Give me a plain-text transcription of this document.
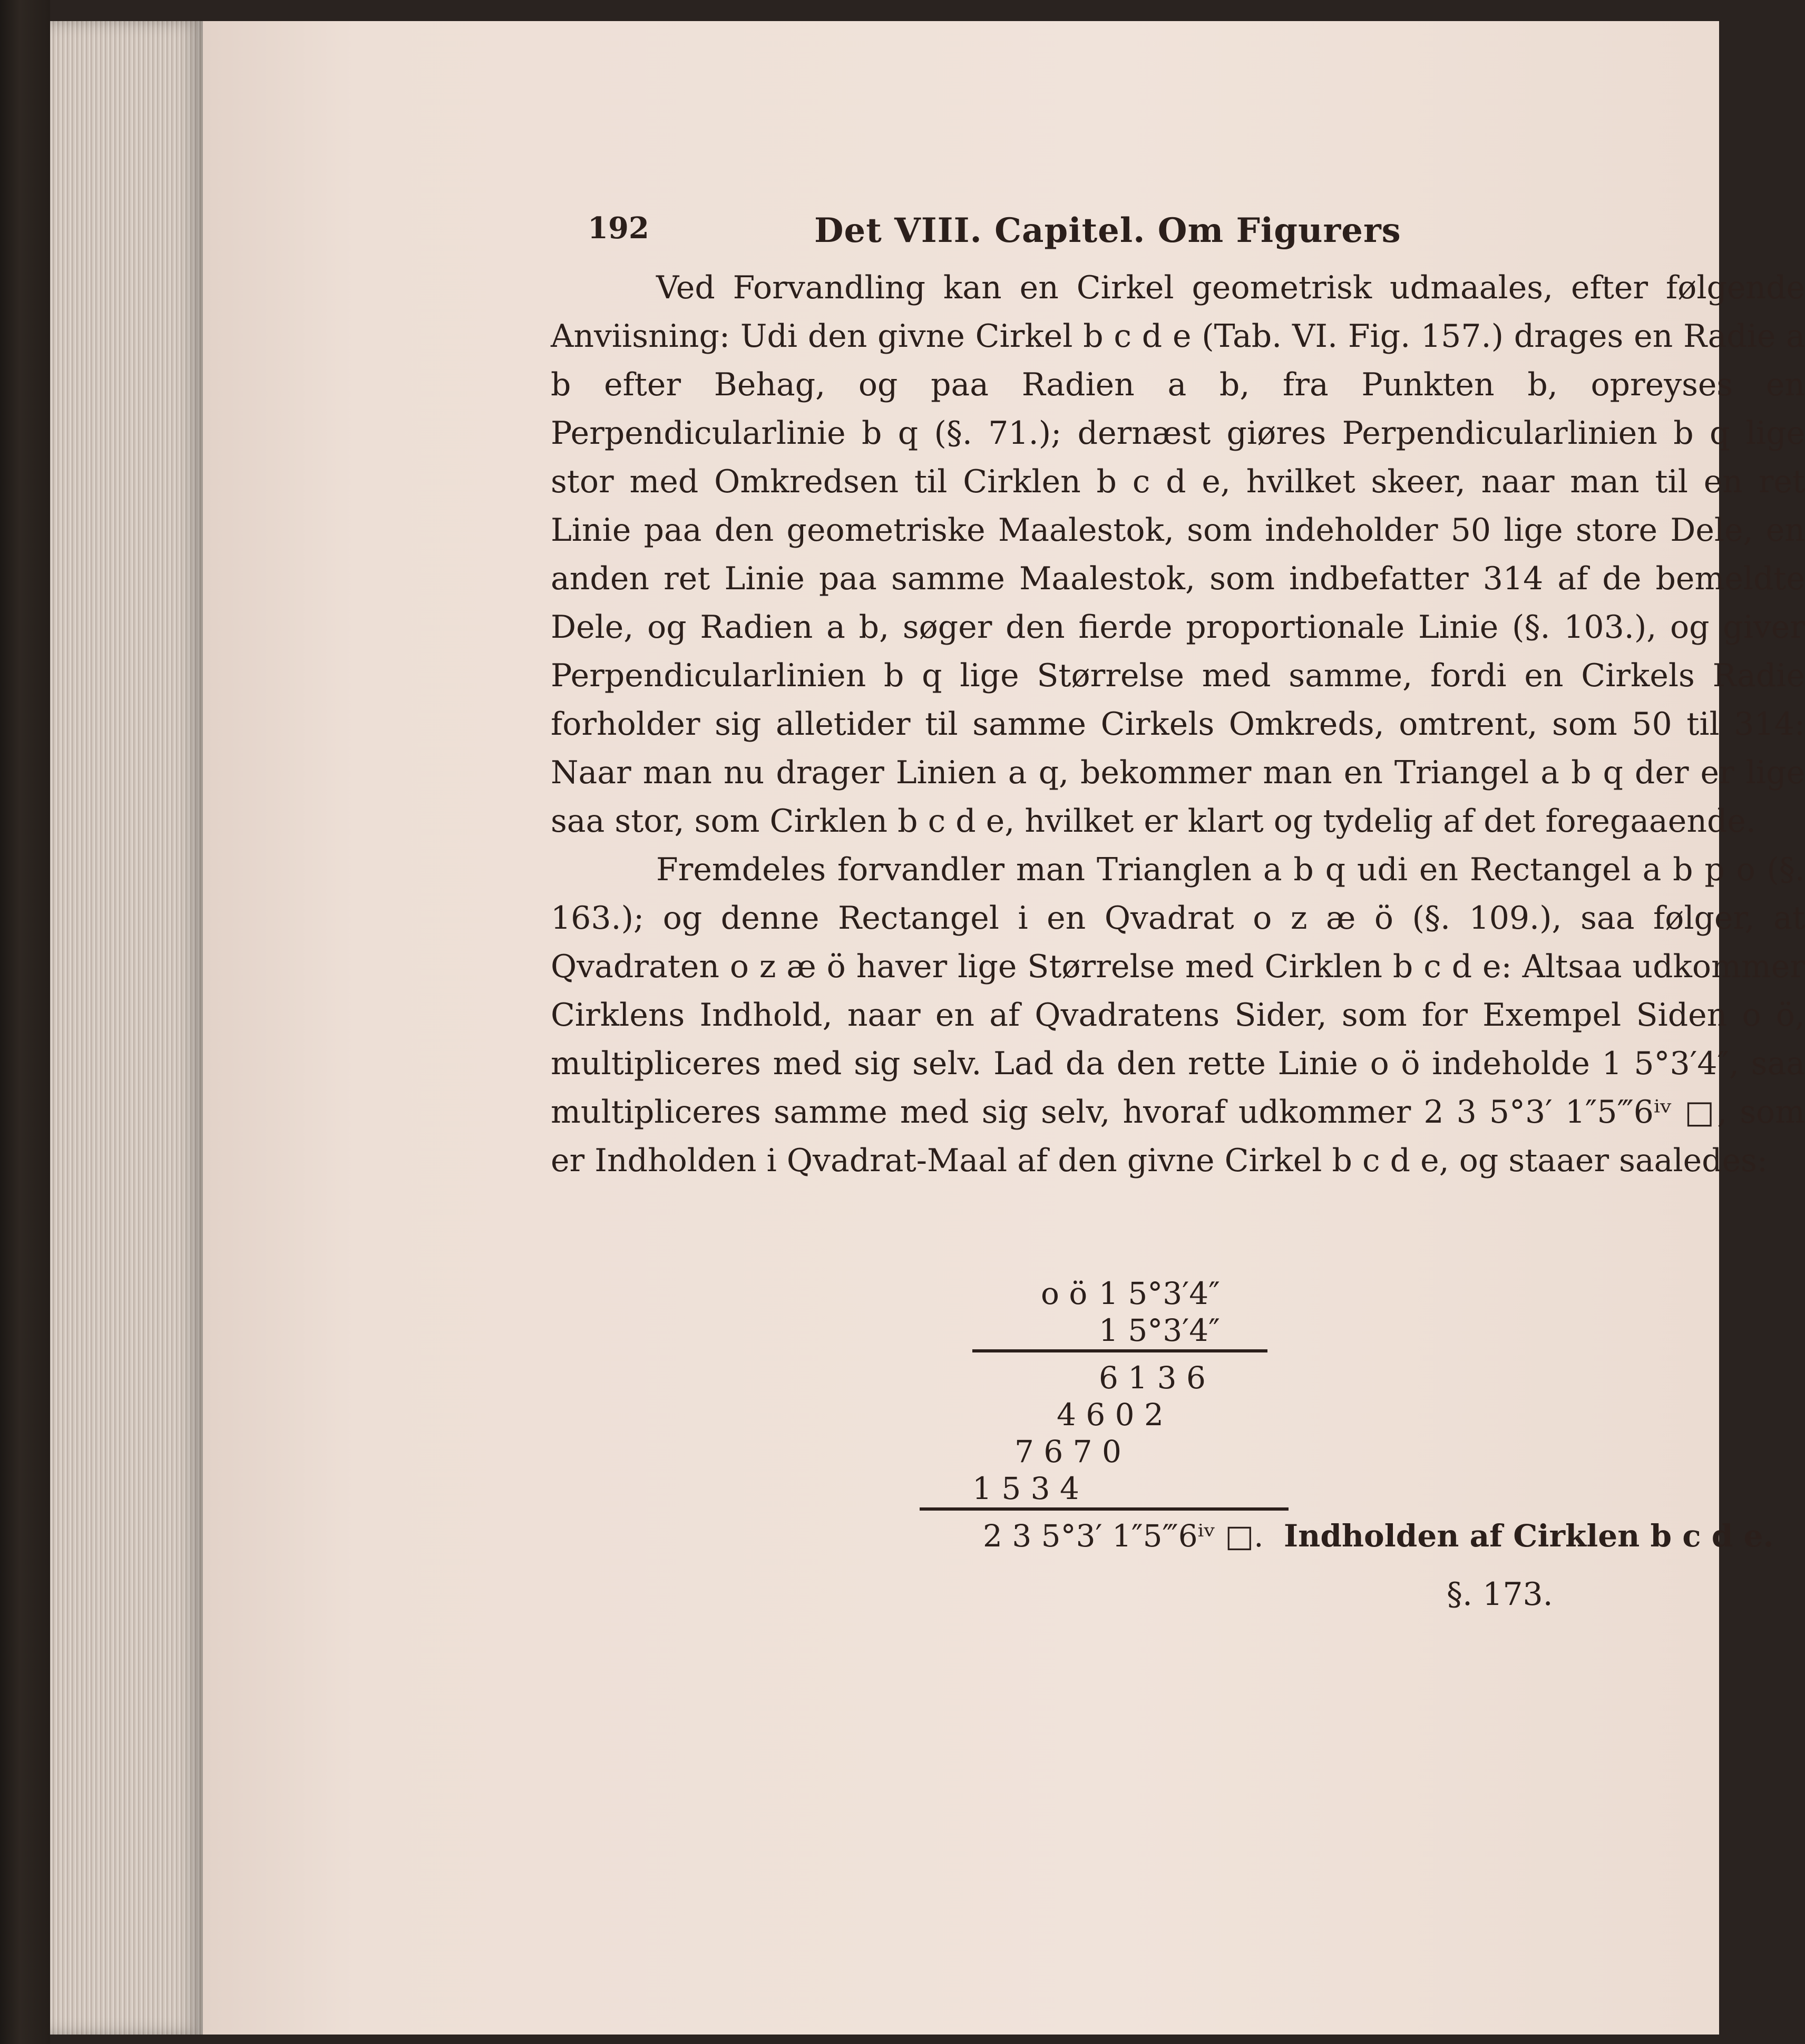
192	Det VIII. Capitel. Om Figurers

Ved Forvandling kan en Cirkel geometrisk udmaales, efter følgende Anviisning: Udi den givne Cirkel b c d e (Tab. VI. Fig. 157.) drages en Radie a b efter Behag, og paa Radien a b, fra Punkten b, opreyses en Perpendicularlinie b q (§. 71.); dernæst giøres Perpendicularlinien b q lige stor med Omkredsen til Cirklen b c d e, hvilket skeer, naar man til en ret Linie paa den geometriske Maalestok, som indeholder 50 lige store Dele, en anden ret Linie paa samme Maalestok, som indbefatter 314 af de bemeldte Dele, og Radien a b, søger den fierde proportionale Linie (§. 103.), og giver Perpendicularlinien b q lige Størrelse med samme, fordi en Cirkels Radie forholder sig alletider til samme Cirkels Omkreds, omtrent, som 50 til 314: Naar man nu drager Linien a q, bekommer man en Triangel a b q der er lige saa stor, som Cirklen b c d e, hvilket er klart og tydelig af det foregaaende.

Fremdeles forvandler man Trianglen a b q udi en Rectangel a b p o (§. 163.); og denne Rectangel i en Qvadrat o z æ ö (§. 109.), saa følger, at Qvadraten o z æ ö haver lige Størrelse med Cirklen b c d e: Altsaa udkommer Cirklens Indhold, naar en af Qvadratens Sider, som for Exempel Siden o ö, multipliceres med sig selv. Lad da den rette Linie o ö indeholde 1 5°3′4″, saa multipliceres samme med sig selv, hvoraf udkommer 2 3 5°3′ 1″5‴6ⁱᵛ □, som er Indholden i Qvadrat-Maal af den givne Cirkel b c d e, og staaer saaledes:

o ö 1 5°3′4″
1 5°3′4″
6 1 3 6
4 6 0 2
7 6 7 0
1 5 3 4
2 3 5°3′ 1″5‴6ⁱᵛ □. Indholden af Cirklen b c d e.
§. 173.
